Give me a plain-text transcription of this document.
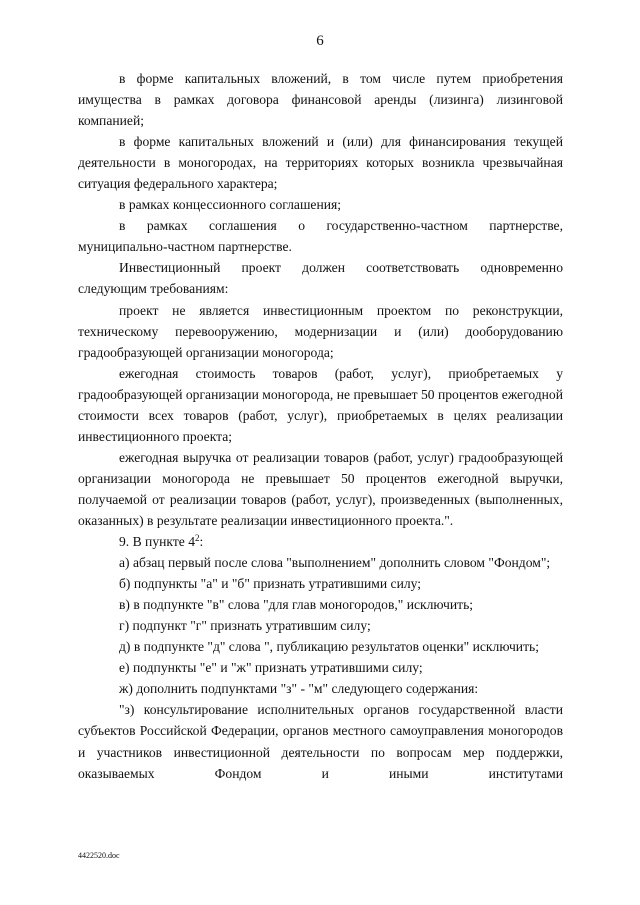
6

в форме капитальных вложений, в том числе путем приобретения имущества в рамках договора финансовой аренды (лизинга) лизинговой компанией;

в форме капитальных вложений и (или) для финансирования текущей деятельности в моногородах, на территориях которых возникла чрезвычайная ситуация федерального характера;

в рамках концессионного соглашения;

в рамках соглашения о государственно-частном партнерстве, муниципально-частном партнерстве.

Инвестиционный проект должен соответствовать одновременно следующим требованиям:

проект не является инвестиционным проектом по реконструкции, техническому перевооружению, модернизации и (или) дооборудованию градообразующей организации моногорода;

ежегодная стоимость товаров (работ, услуг), приобретаемых у градообразующей организации моногорода, не превышает 50 процентов ежегодной стоимости всех товаров (работ, услуг), приобретаемых в целях реализации инвестиционного проекта;

ежегодная выручка от реализации товаров (работ, услуг) градообразующей организации моногорода не превышает 50 процентов ежегодной выручки, получаемой от реализации товаров (работ, услуг), произведенных (выполненных, оказанных) в результате реализации инвестиционного проекта.".

9. В пункте $4^2$:

а) абзац первый после слова "выполнением" дополнить словом "Фондом";

б) подпункты "а" и "б" признать утратившими силу;

в) в подпункте "в" слова "для глав моногородов," исключить;

г) подпункт "г" признать утратившим силу;

д) в подпункте "д" слова ", публикацию результатов оценки" исключить;

е) подпункты "е" и "ж" признать утратившими силу;

ж) дополнить подпунктами "з" - "м" следующего содержания:

"з) консультирование исполнительных органов государственной власти субъектов Российской Федерации, органов местного самоуправления моногородов и участников инвестиционной деятельности по вопросам мер поддержки, оказываемых Фондом и иными институтами

4422520.doc
